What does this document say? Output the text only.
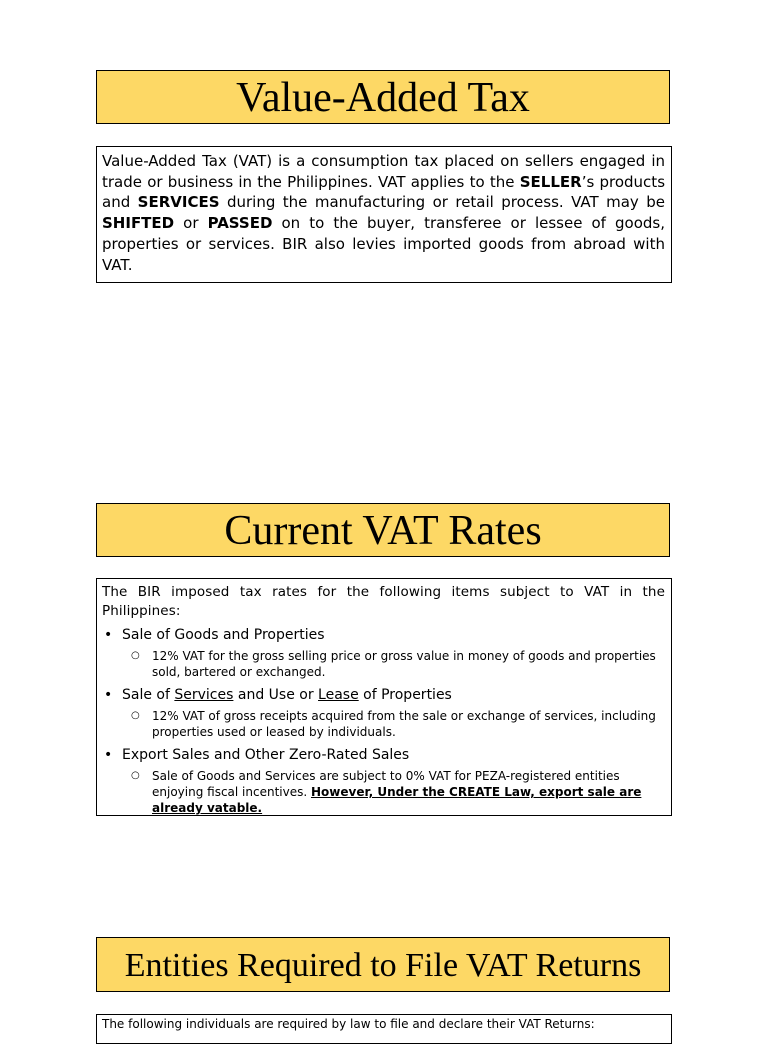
Value-Added Tax
Value-Added Tax (VAT) is a consumption tax placed on sellers engaged in trade or business in the Philippines. VAT applies to the SELLER’s products and SERVICES during the manufacturing or retail process. VAT may be SHIFTED or PASSED on to the buyer, transferee or lessee of goods, properties or services. BIR also levies imported goods from abroad with VAT.
Current VAT Rates
The BIR imposed tax rates for the following items subject to VAT in the Philippines:
• Sale of Goods and Properties
○ 12% VAT for the gross selling price or gross value in money of goods and properties sold, bartered or exchanged.
• Sale of Services and Use or Lease of Properties
○ 12% VAT of gross receipts acquired from the sale or exchange of services, including properties used or leased by individuals.
• Export Sales and Other Zero-Rated Sales
○ Sale of Goods and Services are subject to 0% VAT for PEZA-registered entities enjoying fiscal incentives. However, Under the CREATE Law, export sale are already vatable.
Entities Required to File VAT Returns
The following individuals are required by law to file and declare their VAT Returns:
